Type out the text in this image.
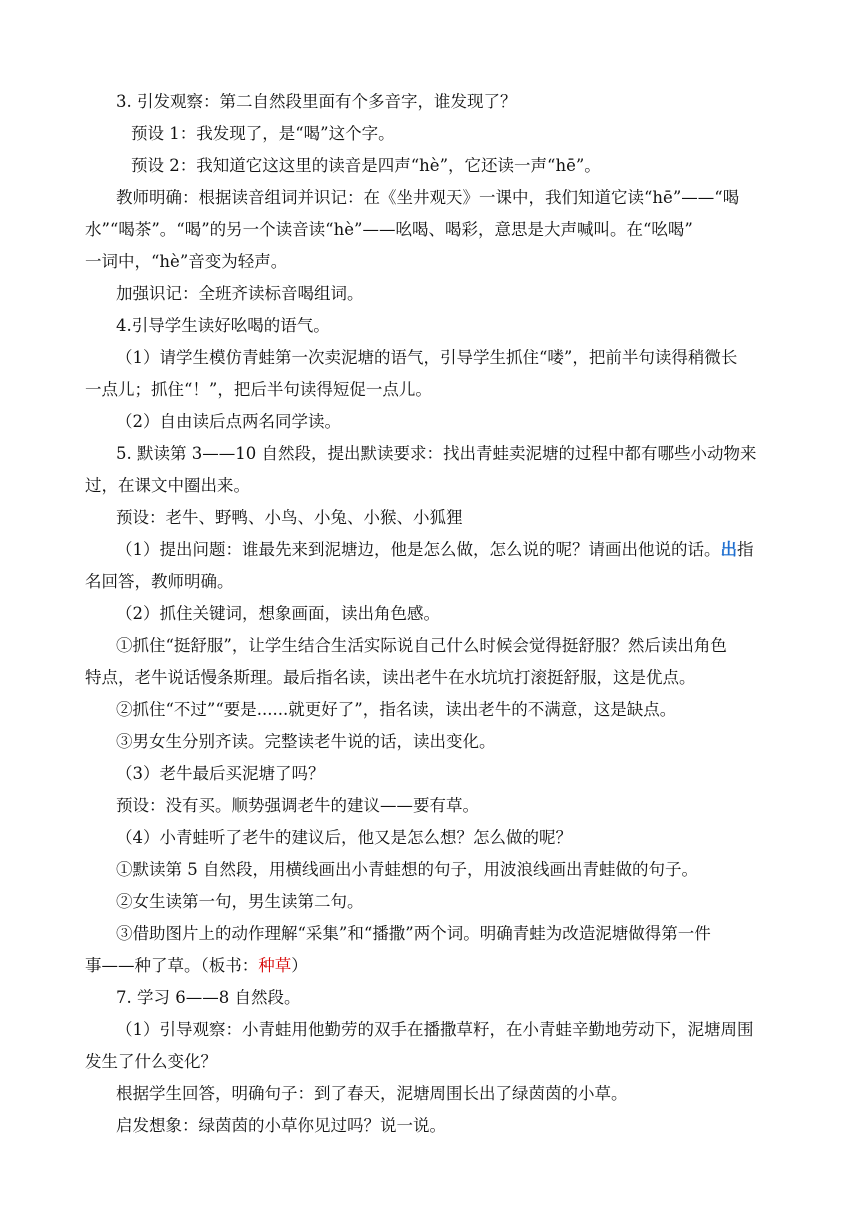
3. 引发观察：第二自然段里面有个多音字，谁发现了？
预设 1：我发现了，是“喝”这个字。
预设 2：我知道它这这里的读音是四声“hè”，它还读一声“hē”。
教师明确：根据读音组词并识记：在《坐井观天》一课中，我们知道它读“hē”——“喝
水”“喝茶”。“喝”的另一个读音读“hè”——吆喝、喝彩，意思是大声喊叫。在“吆喝”
一词中，“hè”音变为轻声。
加强识记：全班齐读标音喝组词。
4.引导学生读好吆喝的语气。
（1）请学生模仿青蛙第一次卖泥塘的语气，引导学生抓住“喽”，把前半句读得稍微长
一点儿；抓住“！”，把后半句读得短促一点儿。
（2）自由读后点两名同学读。
5. 默读第 3——10 自然段，提出默读要求：找出青蛙卖泥塘的过程中都有哪些小动物来
过，在课文中圈出来。
预设：老牛、野鸭、小鸟、小兔、小猴、小狐狸
（1）提出问题：谁最先来到泥塘边，他是怎么做，怎么说的呢？请画出他说的话。出指
名回答，教师明确。
（2）抓住关键词，想象画面，读出角色感。
①抓住“挺舒服”，让学生结合生活实际说自己什么时候会觉得挺舒服？然后读出角色
特点，老牛说话慢条斯理。最后指名读，读出老牛在水坑坑打滚挺舒服，这是优点。
②抓住“不过”“要是......就更好了”，指名读，读出老牛的不满意，这是缺点。
③男女生分别齐读。完整读老牛说的话，读出变化。
（3）老牛最后买泥塘了吗？
预设：没有买。顺势强调老牛的建议——要有草。
（4）小青蛙听了老牛的建议后，他又是怎么想？怎么做的呢？
①默读第 5 自然段，用横线画出小青蛙想的句子，用波浪线画出青蛙做的句子。
②女生读第一句，男生读第二句。
③借助图片上的动作理解“采集”和“播撒”两个词。明确青蛙为改造泥塘做得第一件
事——种了草。（板书：种草）
7. 学习 6——8 自然段。
（1）引导观察：小青蛙用他勤劳的双手在播撒草籽，在小青蛙辛勤地劳动下，泥塘周围
发生了什么变化？
根据学生回答，明确句子：到了春天，泥塘周围长出了绿茵茵的小草。
启发想象：绿茵茵的小草你见过吗？说一说。
